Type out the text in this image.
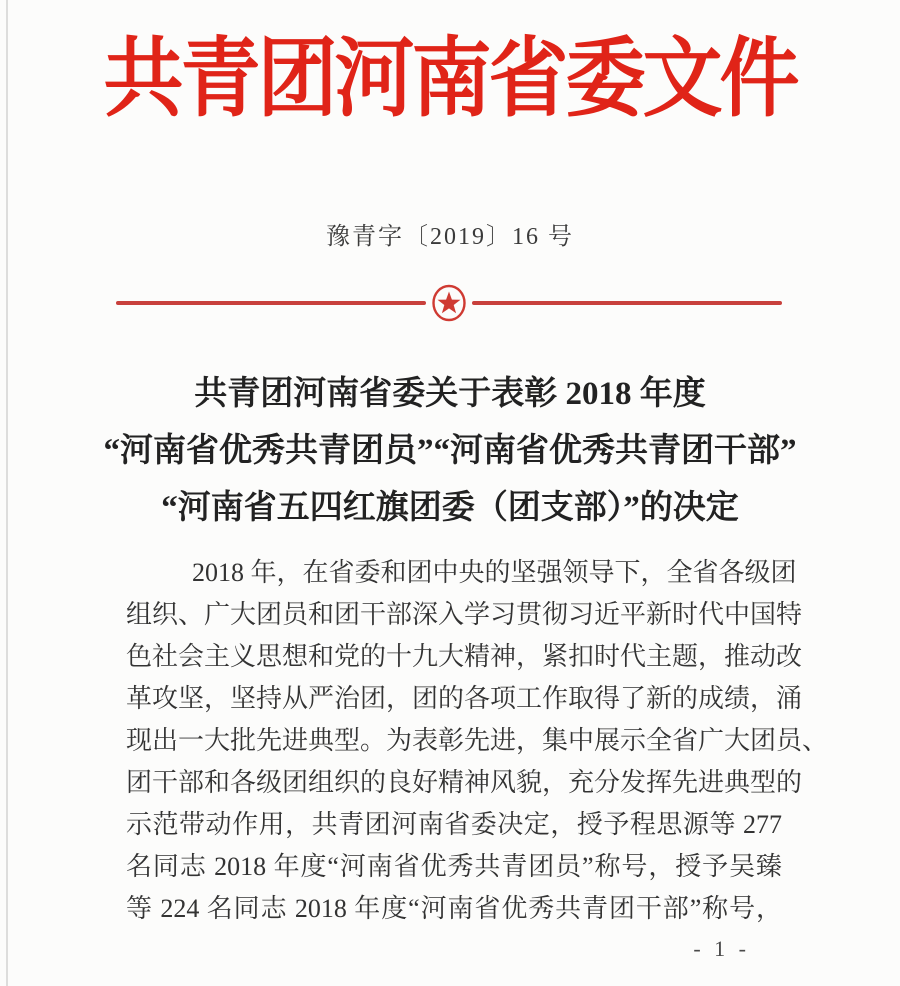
共青团河南省委文件
豫青字〔2019〕16 号
共青团河南省委关于表彰 2018 年度
“河南省优秀共青团员”“河南省优秀共青团干部”
“河南省五四红旗团委（团支部）”的决定
2018 年，在省委和团中央的坚强领导下，全省各级团
组织、广大团员和团干部深入学习贯彻习近平新时代中国特
色社会主义思想和党的十九大精神，紧扣时代主题，推动改
革攻坚，坚持从严治团，团的各项工作取得了新的成绩，涌
现出一大批先进典型。为表彰先进，集中展示全省广大团员、
团干部和各级团组织的良好精神风貌，充分发挥先进典型的
示范带动作用，共青团河南省委决定，授予程思源等 277
名同志 2018 年度“河南省优秀共青团员”称号，授予吴臻
等 224 名同志 2018 年度“河南省优秀共青团干部”称号，
- 1 -
